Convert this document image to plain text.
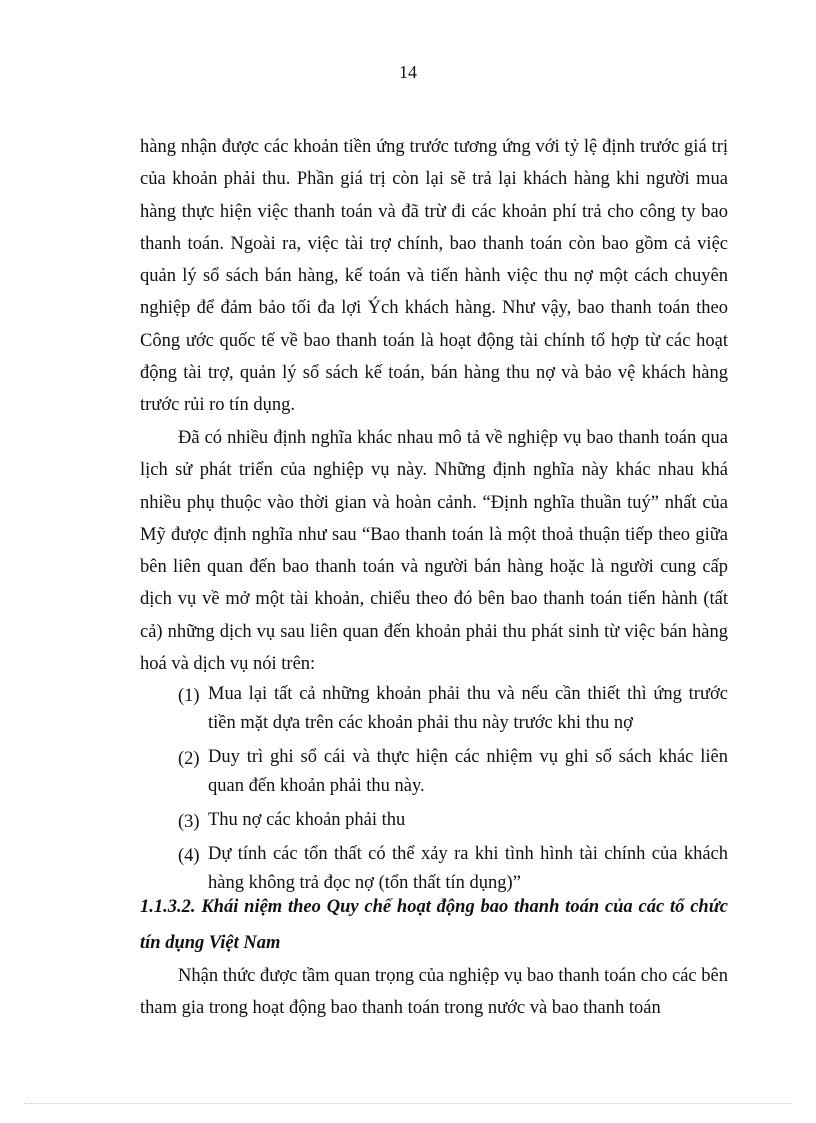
14
hàng nhận được các khoản tiền ứng trước tương ứng với tỷ lệ định trước giá trị của khoản phải thu. Phần giá trị còn lại sẽ trả lại khách hàng khi người mua hàng thực hiện việc thanh toán và đã trừ đi các khoản phí trả cho công ty bao thanh toán. Ngoài ra, việc tài trợ chính, bao thanh toán còn bao gồm cả việc quản lý sổ sách bán hàng, kế toán và tiến hành việc thu nợ một cách chuyên nghiệp để đảm bảo tối đa lợi Ých khách hàng. Như vậy, bao thanh toán theo Công ước quốc tế về bao thanh toán là hoạt động tài chính tổ hợp từ các hoạt động tài trợ, quản lý sổ sách kế toán, bán hàng thu nợ và bảo vệ khách hàng trước rủi ro tín dụng.
Đã có nhiều định nghĩa khác nhau mô tả về nghiệp vụ bao thanh toán qua lịch sử phát triển của nghiệp vụ này. Những định nghĩa này khác nhau khá nhiều phụ thuộc vào thời gian và hoàn cảnh. “Định nghĩa thuần tuý” nhất của Mỹ được định nghĩa như sau “Bao thanh toán là một thoả thuận tiếp theo giữa bên liên quan đến bao thanh toán và người bán hàng hoặc là người cung cấp dịch vụ về mở một tài khoản, chiểu theo đó bên bao thanh toán tiến hành (tất cả) những dịch vụ sau liên quan đến khoản phải thu phát sinh từ việc bán hàng hoá và dịch vụ nói trên:
(1) Mua lại tất cả những khoản phải thu và nếu cần thiết thì ứng trước tiền mặt dựa trên các khoản phải thu này trước khi thu nợ
(2) Duy trì ghi sổ cái và thực hiện các nhiệm vụ ghi sổ sách khác liên quan đến khoản phải thu này.
(3) Thu nợ các khoản phải thu
(4) Dự tính các tổn thất có thể xảy ra khi tình hình tài chính của khách hàng không trả đọc nợ (tổn thất tín dụng)”
1.1.3.2. Khái niệm theo Quy chế hoạt động bao thanh toán của các tổ chức tín dụng Việt Nam
Nhận thức được tầm quan trọng của nghiệp vụ bao thanh toán cho các bên tham gia trong hoạt động bao thanh toán trong nước và bao thanh toán
